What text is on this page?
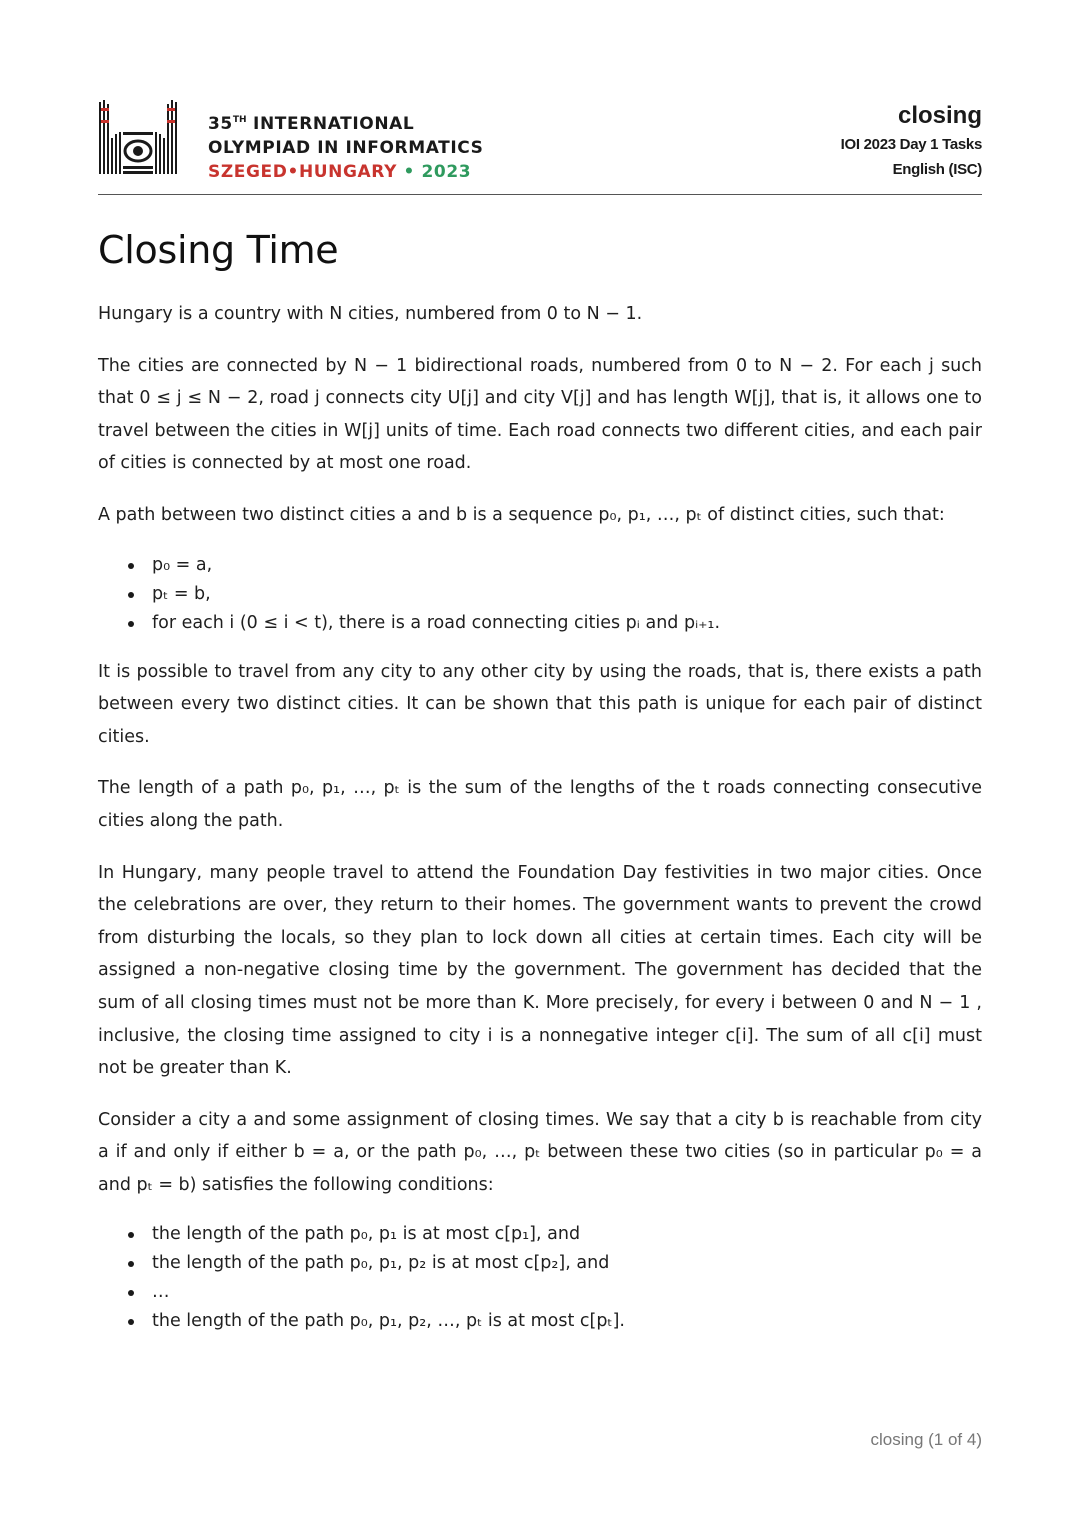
35TH INTERNATIONAL
OLYMPIAD IN INFORMATICS
SZEGED•HUNGARY • 2023
closing
IOI 2023 Day 1 Tasks
English (ISC)
Closing Time

Hungary is a country with N cities, numbered from 0 to N − 1.

The cities are connected by N − 1 bidirectional roads, numbered from 0 to N − 2. For each j such that 0 ≤ j ≤ N − 2, road j connects city U[j] and city V[j] and has length W[j], that is, it allows one to travel between the cities in W[j] units of time. Each road connects two different cities, and each pair of cities is connected by at most one road.

A path between two distinct cities a and b is a sequence p₀, p₁, …, pₜ of distinct cities, such that:

p₀ = a,
pₜ = b,
for each i (0 ≤ i < t), there is a road connecting cities pᵢ and pᵢ₊₁.

It is possible to travel from any city to any other city by using the roads, that is, there exists a path between every two distinct cities. It can be shown that this path is unique for each pair of distinct cities.

The length of a path p₀, p₁, …, pₜ is the sum of the lengths of the t roads connecting consecutive cities along the path.

In Hungary, many people travel to attend the Foundation Day festivities in two major cities. Once the celebrations are over, they return to their homes. The government wants to prevent the crowd from disturbing the locals, so they plan to lock down all cities at certain times. Each city will be assigned a non-negative closing time by the government. The government has decided that the sum of all closing times must not be more than K. More precisely, for every i between 0 and N − 1 , inclusive, the closing time assigned to city i is a nonnegative integer c[i]. The sum of all c[i] must not be greater than K.

Consider a city a and some assignment of closing times. We say that a city b is reachable from city a if and only if either b = a, or the path p₀, …, pₜ between these two cities (so in particular p₀ = a and pₜ = b) satisfies the following conditions:

the length of the path p₀, p₁ is at most c[p₁], and
the length of the path p₀, p₁, p₂ is at most c[p₂], and
…
the length of the path p₀, p₁, p₂, …, pₜ is at most c[pₜ].
closing (1 of 4)
